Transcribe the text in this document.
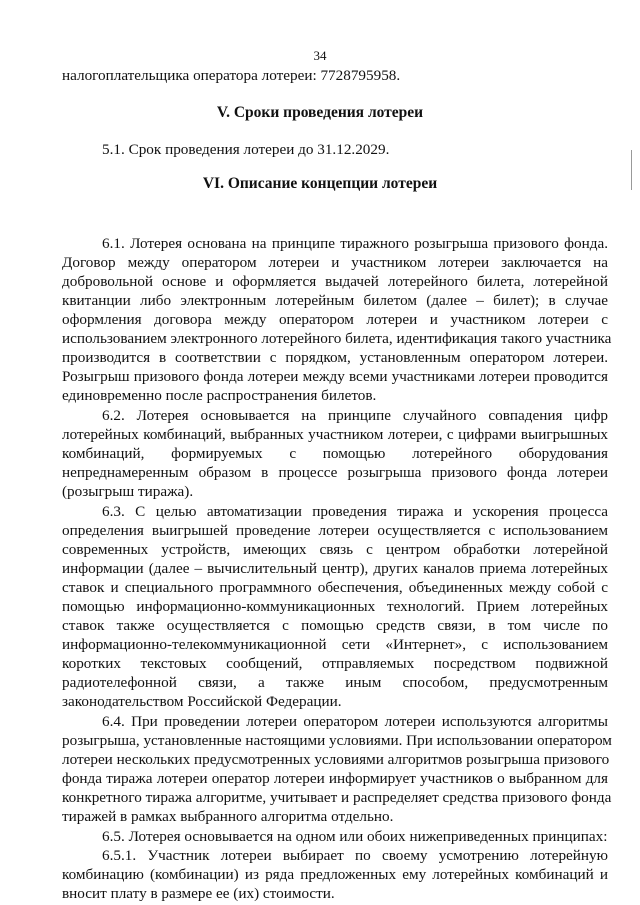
34
налогоплательщика оператора лотереи: 7728795958.
V. Сроки проведения лотереи
5.1. Срок проведения лотереи до 31.12.2029.
VI. Описание концепции лотереи
6.1. Лотерея основана на принципе тиражного розыгрыша призового фонда.
Договор между оператором лотереи и участником лотереи заключается на
добровольной основе и оформляется выдачей лотерейного билета, лотерейной
квитанции либо электронным лотерейным билетом (далее – билет); в случае
оформления договора между оператором лотереи и участником лотереи с
использованием электронного лотерейного билета, идентификация такого участника
производится в соответствии с порядком, установленным оператором лотереи.
Розыгрыш призового фонда лотереи между всеми участниками лотереи проводится
единовременно после распространения билетов.
6.2. Лотерея основывается на принципе случайного совпадения цифр
лотерейных комбинаций, выбранных участником лотереи, с цифрами выигрышных
комбинаций, формируемых с помощью лотерейного оборудования
непреднамеренным образом в процессе розыгрыша призового фонда лотереи
(розыгрыш тиража).
6.3. С целью автоматизации проведения тиража и ускорения процесса
определения выигрышей проведение лотереи осуществляется с использованием
современных устройств, имеющих связь с центром обработки лотерейной
информации (далее – вычислительный центр), других каналов приема лотерейных
ставок и специального программного обеспечения, объединенных между собой с
помощью информационно-коммуникационных технологий. Прием лотерейных
ставок также осуществляется с помощью средств связи, в том числе по
информационно-телекоммуникационной сети «Интернет», с использованием
коротких текстовых сообщений, отправляемых посредством подвижной
радиотелефонной связи, а также иным способом, предусмотренным
законодательством Российской Федерации.
6.4. При проведении лотереи оператором лотереи используются алгоритмы
розыгрыша, установленные настоящими условиями. При использовании оператором
лотереи нескольких предусмотренных условиями алгоритмов розыгрыша призового
фонда тиража лотереи оператор лотереи информирует участников о выбранном для
конкретного тиража алгоритме, учитывает и распределяет средства призового фонда
тиражей в рамках выбранного алгоритма отдельно.
6.5. Лотерея основывается на одном или обоих нижеприведенных принципах:
6.5.1. Участник лотереи выбирает по своему усмотрению лотерейную
комбинацию (комбинации) из ряда предложенных ему лотерейных комбинаций и
вносит плату в размере ее (их) стоимости.
